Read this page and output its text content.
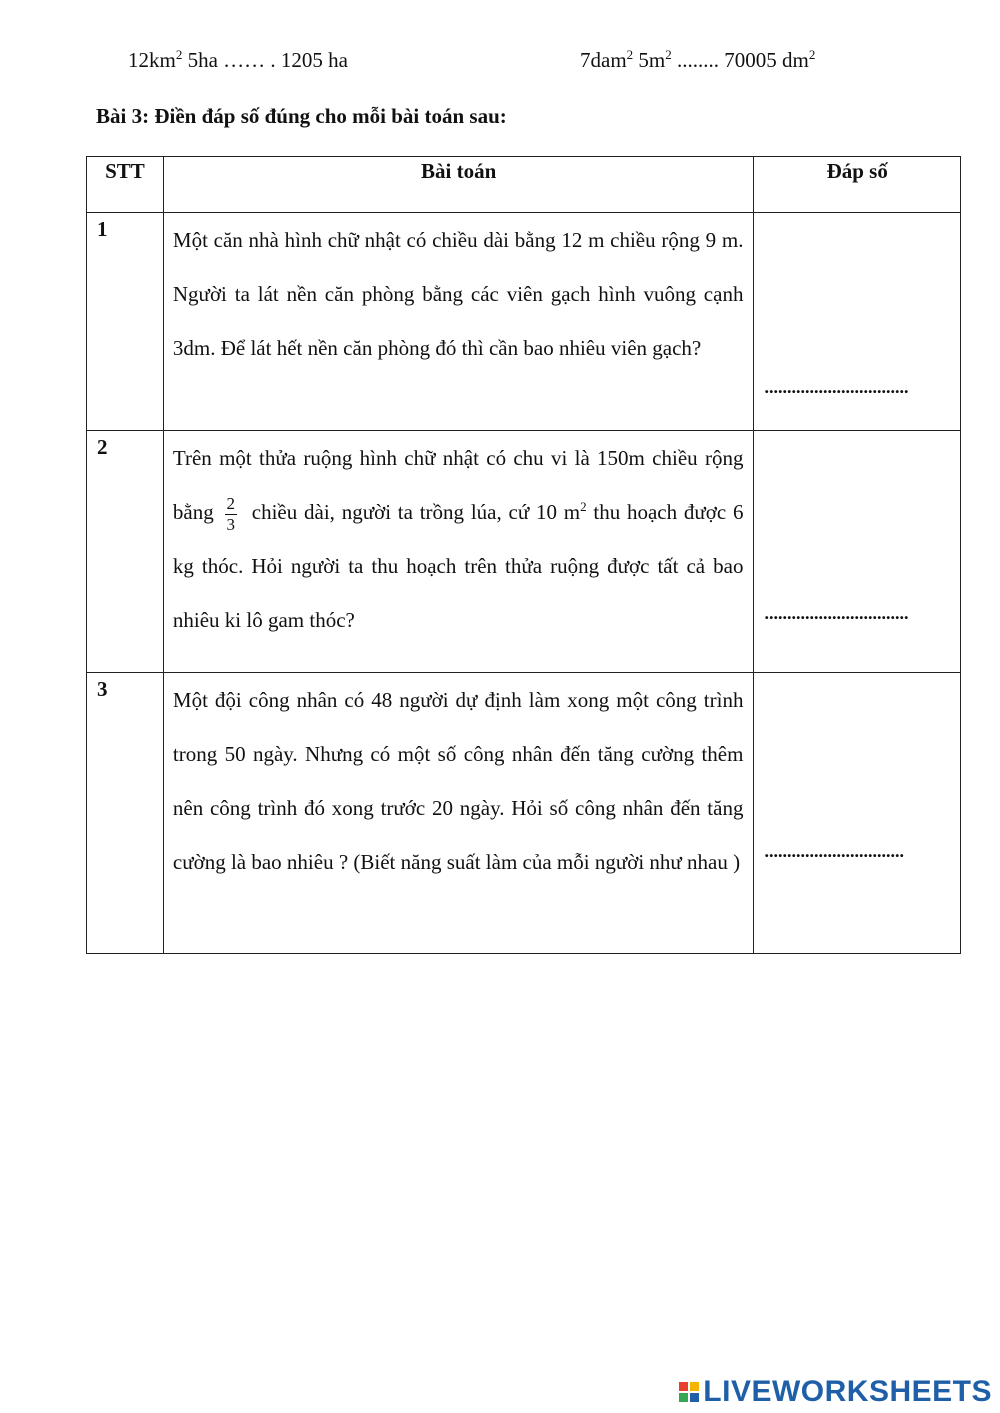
$12km^2$ 5ha …… . 1205 ha	7dam$^2$ $5m^2$ ........ 70005 $dm^2$
Bài 3: Điền đáp số đúng cho mỗi bài toán sau:
STT	Bài toán	Đáp số
1	Một căn nhà hình chữ nhật có chiều dài bằng 12 m chiều rộng 9 m. Người ta lát nền căn phòng bằng các viên gạch hình vuông cạnh 3dm. Để lát hết nền căn phòng đó thì cần bao nhiêu viên gạch?	................................

2	Trên một thửa ruộng hình chữ nhật có chu vi là 150m chiều rộng bằng $\frac{2}{3}$ chiều dài, người ta trồng lúa, cứ 10 $m^2$ thu hoạch được 6 kg thóc. Hỏi người ta thu hoạch trên thửa ruộng được tất cả bao nhiêu ki lô gam thóc?	................................

3	Một đội công nhân có 48 người dự định làm xong một công trình trong 50 ngày. Nhưng có một số công nhân đến tăng cường thêm nên công trình đó xong trước 20 ngày. Hỏi số công nhân đến tăng cường là bao nhiêu ? (Biết năng suất làm của mỗi người như nhau )	...............................
LIVEWORKSHEETS
